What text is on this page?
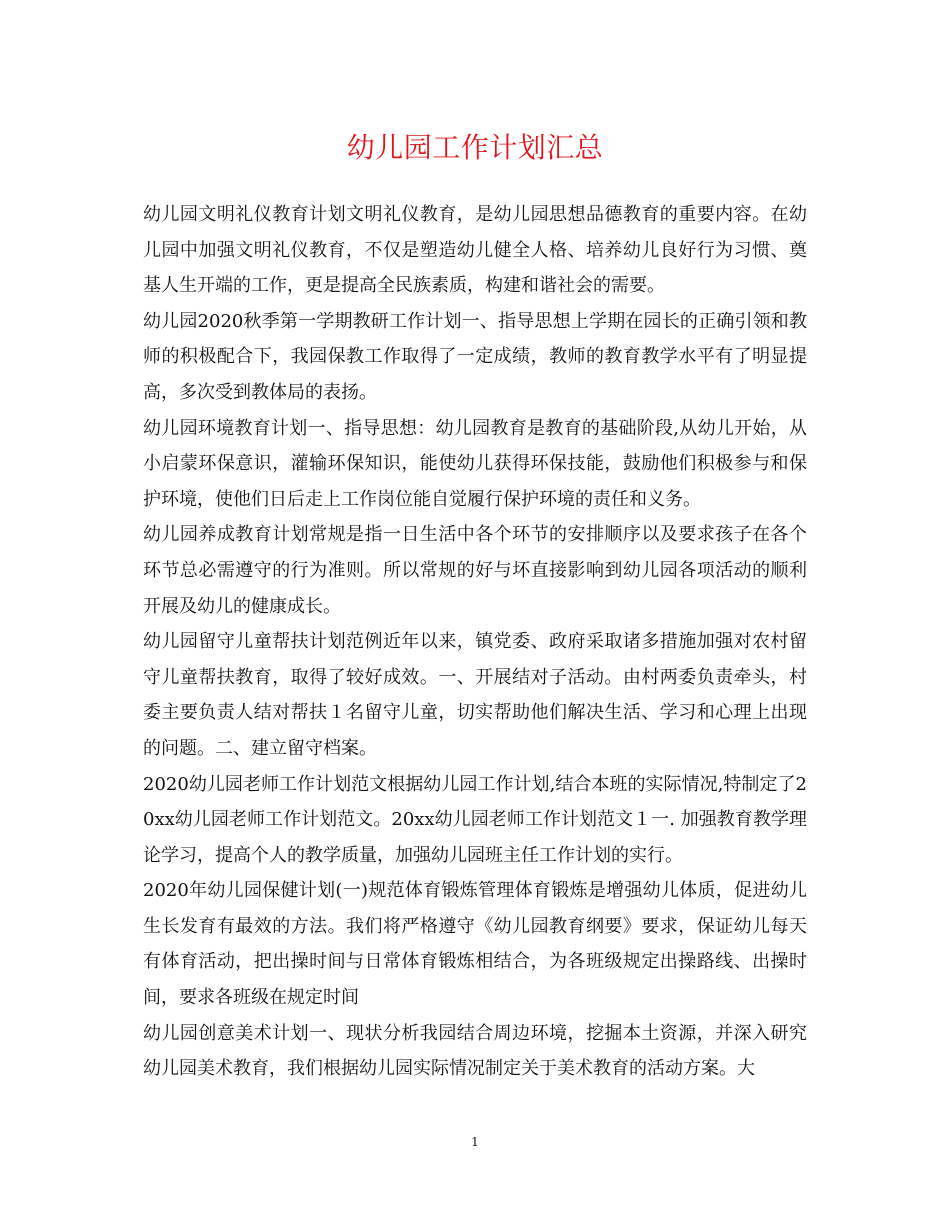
幼儿园工作计划汇总

幼儿园文明礼仪教育计划文明礼仪教育，是幼儿园思想品德教育的重要内容。在幼儿园中加强文明礼仪教育，不仅是塑造幼儿健全人格、培养幼儿良好行为习惯、奠基人生开端的工作，更是提高全民族素质，构建和谐社会的需要。

幼儿园2020秋季第一学期教研工作计划一、指导思想上学期在园长的正确引领和教师的积极配合下，我园保教工作取得了一定成绩，教师的教育教学水平有了明显提高，多次受到教体局的表扬。

幼儿园环境教育计划一、指导思想：幼儿园教育是教育的基础阶段,从幼儿开始，从小启蒙环保意识，灌输环保知识，能使幼儿获得环保技能，鼓励他们积极参与和保护环境，使他们日后走上工作岗位能自觉履行保护环境的责任和义务。

幼儿园养成教育计划常规是指一日生活中各个环节的安排顺序以及要求孩子在各个环节总必需遵守的行为准则。所以常规的好与坏直接影响到幼儿园各项活动的顺利开展及幼儿的健康成长。

幼儿园留守儿童帮扶计划范例近年以来，镇党委、政府采取诸多措施加强对农村留守儿童帮扶教育，取得了较好成效。一、开展结对子活动。由村两委负责牵头，村委主要负责人结对帮扶１名留守儿童，切实帮助他们解决生活、学习和心理上出现的问题。二、建立留守档案。

2020幼儿园老师工作计划范文根据幼儿园工作计划,结合本班的实际情况,特制定了20xx幼儿园老师工作计划范文。20xx幼儿园老师工作计划范文１一. 加强教育教学理论学习，提高个人的教学质量，加强幼儿园班主任工作计划的实行。

2020年幼儿园保健计划(一)规范体育锻炼管理体育锻炼是增强幼儿体质，促进幼儿生长发育有最效的方法。我们将严格遵守《幼儿园教育纲要》要求，保证幼儿每天有体育活动，把出操时间与日常体育锻炼相结合，为各班级规定出操路线、出操时间，要求各班级在规定时间

幼儿园创意美术计划一、现状分析我园结合周边环境，挖掘本土资源，并深入研究幼儿园美术教育，我们根据幼儿园实际情况制定关于美术教育的活动方案。大

1
